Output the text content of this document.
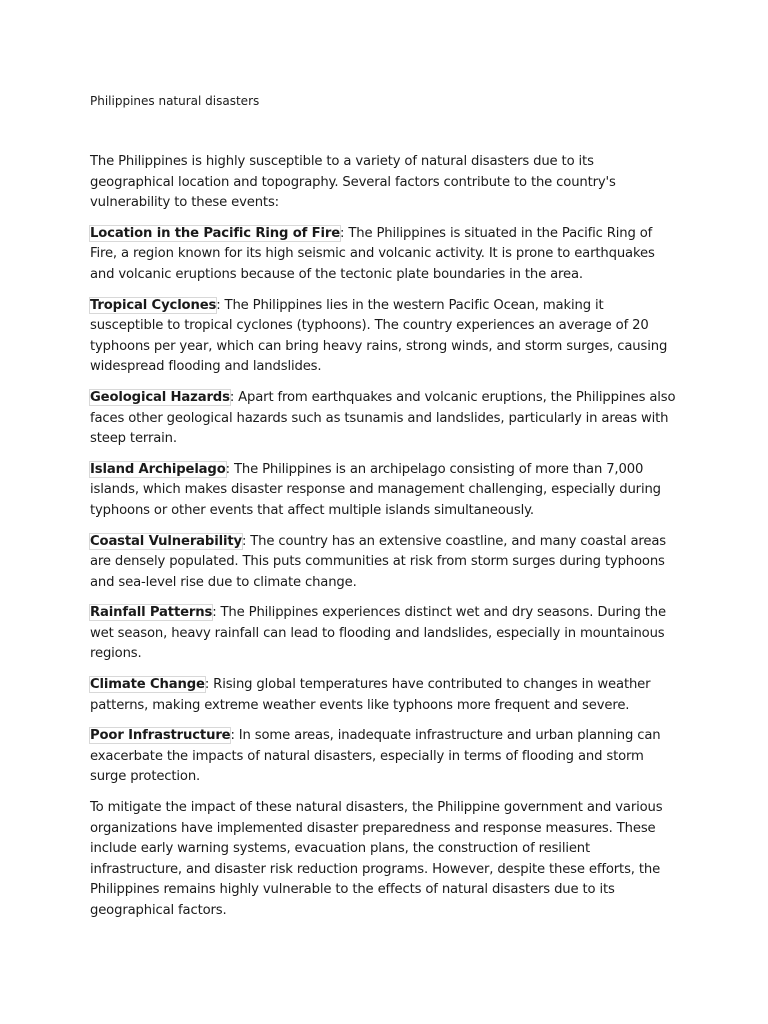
Philippines natural disasters

The Philippines is highly susceptible to a variety of natural disasters due to its geographical location and topography. Several factors contribute to the country's vulnerability to these events:

Location in the Pacific Ring of Fire: The Philippines is situated in the Pacific Ring of Fire, a region known for its high seismic and volcanic activity. It is prone to earthquakes and volcanic eruptions because of the tectonic plate boundaries in the area.

Tropical Cyclones: The Philippines lies in the western Pacific Ocean, making it susceptible to tropical cyclones (typhoons). The country experiences an average of 20 typhoons per year, which can bring heavy rains, strong winds, and storm surges, causing widespread flooding and landslides.

Geological Hazards: Apart from earthquakes and volcanic eruptions, the Philippines also faces other geological hazards such as tsunamis and landslides, particularly in areas with steep terrain.

Island Archipelago: The Philippines is an archipelago consisting of more than 7,000 islands, which makes disaster response and management challenging, especially during typhoons or other events that affect multiple islands simultaneously.

Coastal Vulnerability: The country has an extensive coastline, and many coastal areas are densely populated. This puts communities at risk from storm surges during typhoons and sea-level rise due to climate change.

Rainfall Patterns: The Philippines experiences distinct wet and dry seasons. During the wet season, heavy rainfall can lead to flooding and landslides, especially in mountainous regions.

Climate Change: Rising global temperatures have contributed to changes in weather patterns, making extreme weather events like typhoons more frequent and severe.

Poor Infrastructure: In some areas, inadequate infrastructure and urban planning can exacerbate the impacts of natural disasters, especially in terms of flooding and storm surge protection.

To mitigate the impact of these natural disasters, the Philippine government and various organizations have implemented disaster preparedness and response measures. These include early warning systems, evacuation plans, the construction of resilient infrastructure, and disaster risk reduction programs. However, despite these efforts, the Philippines remains highly vulnerable to the effects of natural disasters due to its geographical factors.
